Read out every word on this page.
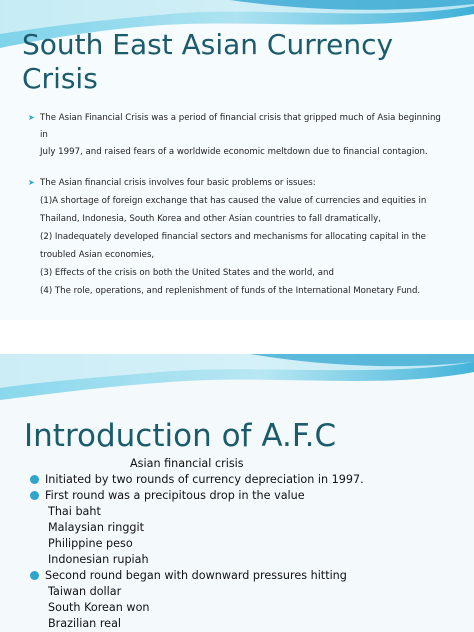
South East Asian Currency Crisis
➤ The Asian Financial Crisis was a period of financial crisis that gripped much of Asia beginning in
July 1997, and raised fears of a worldwide economic meltdown due to financial contagion.
➤ The Asian financial crisis involves four basic problems or issues:
(1)A shortage of foreign exchange that has caused the value of currencies and equities in
Thailand, Indonesia, South Korea and other Asian countries to fall dramatically,
(2) Inadequately developed financial sectors and mechanisms for allocating capital in the
troubled Asian economies,
(3) Effects of the crisis on both the United States and the world, and
(4) The role, operations, and replenishment of funds of the International Monetary Fund.
Introduction of A.F.C
Asian financial crisis
Initiated by two rounds of currency depreciation in 1997.
First round was a precipitous drop in the value
Thai baht
Malaysian ringgit
Philippine peso
Indonesian rupiah
Second round began with downward pressures hitting
Taiwan dollar
South Korean won
Brazilian real
